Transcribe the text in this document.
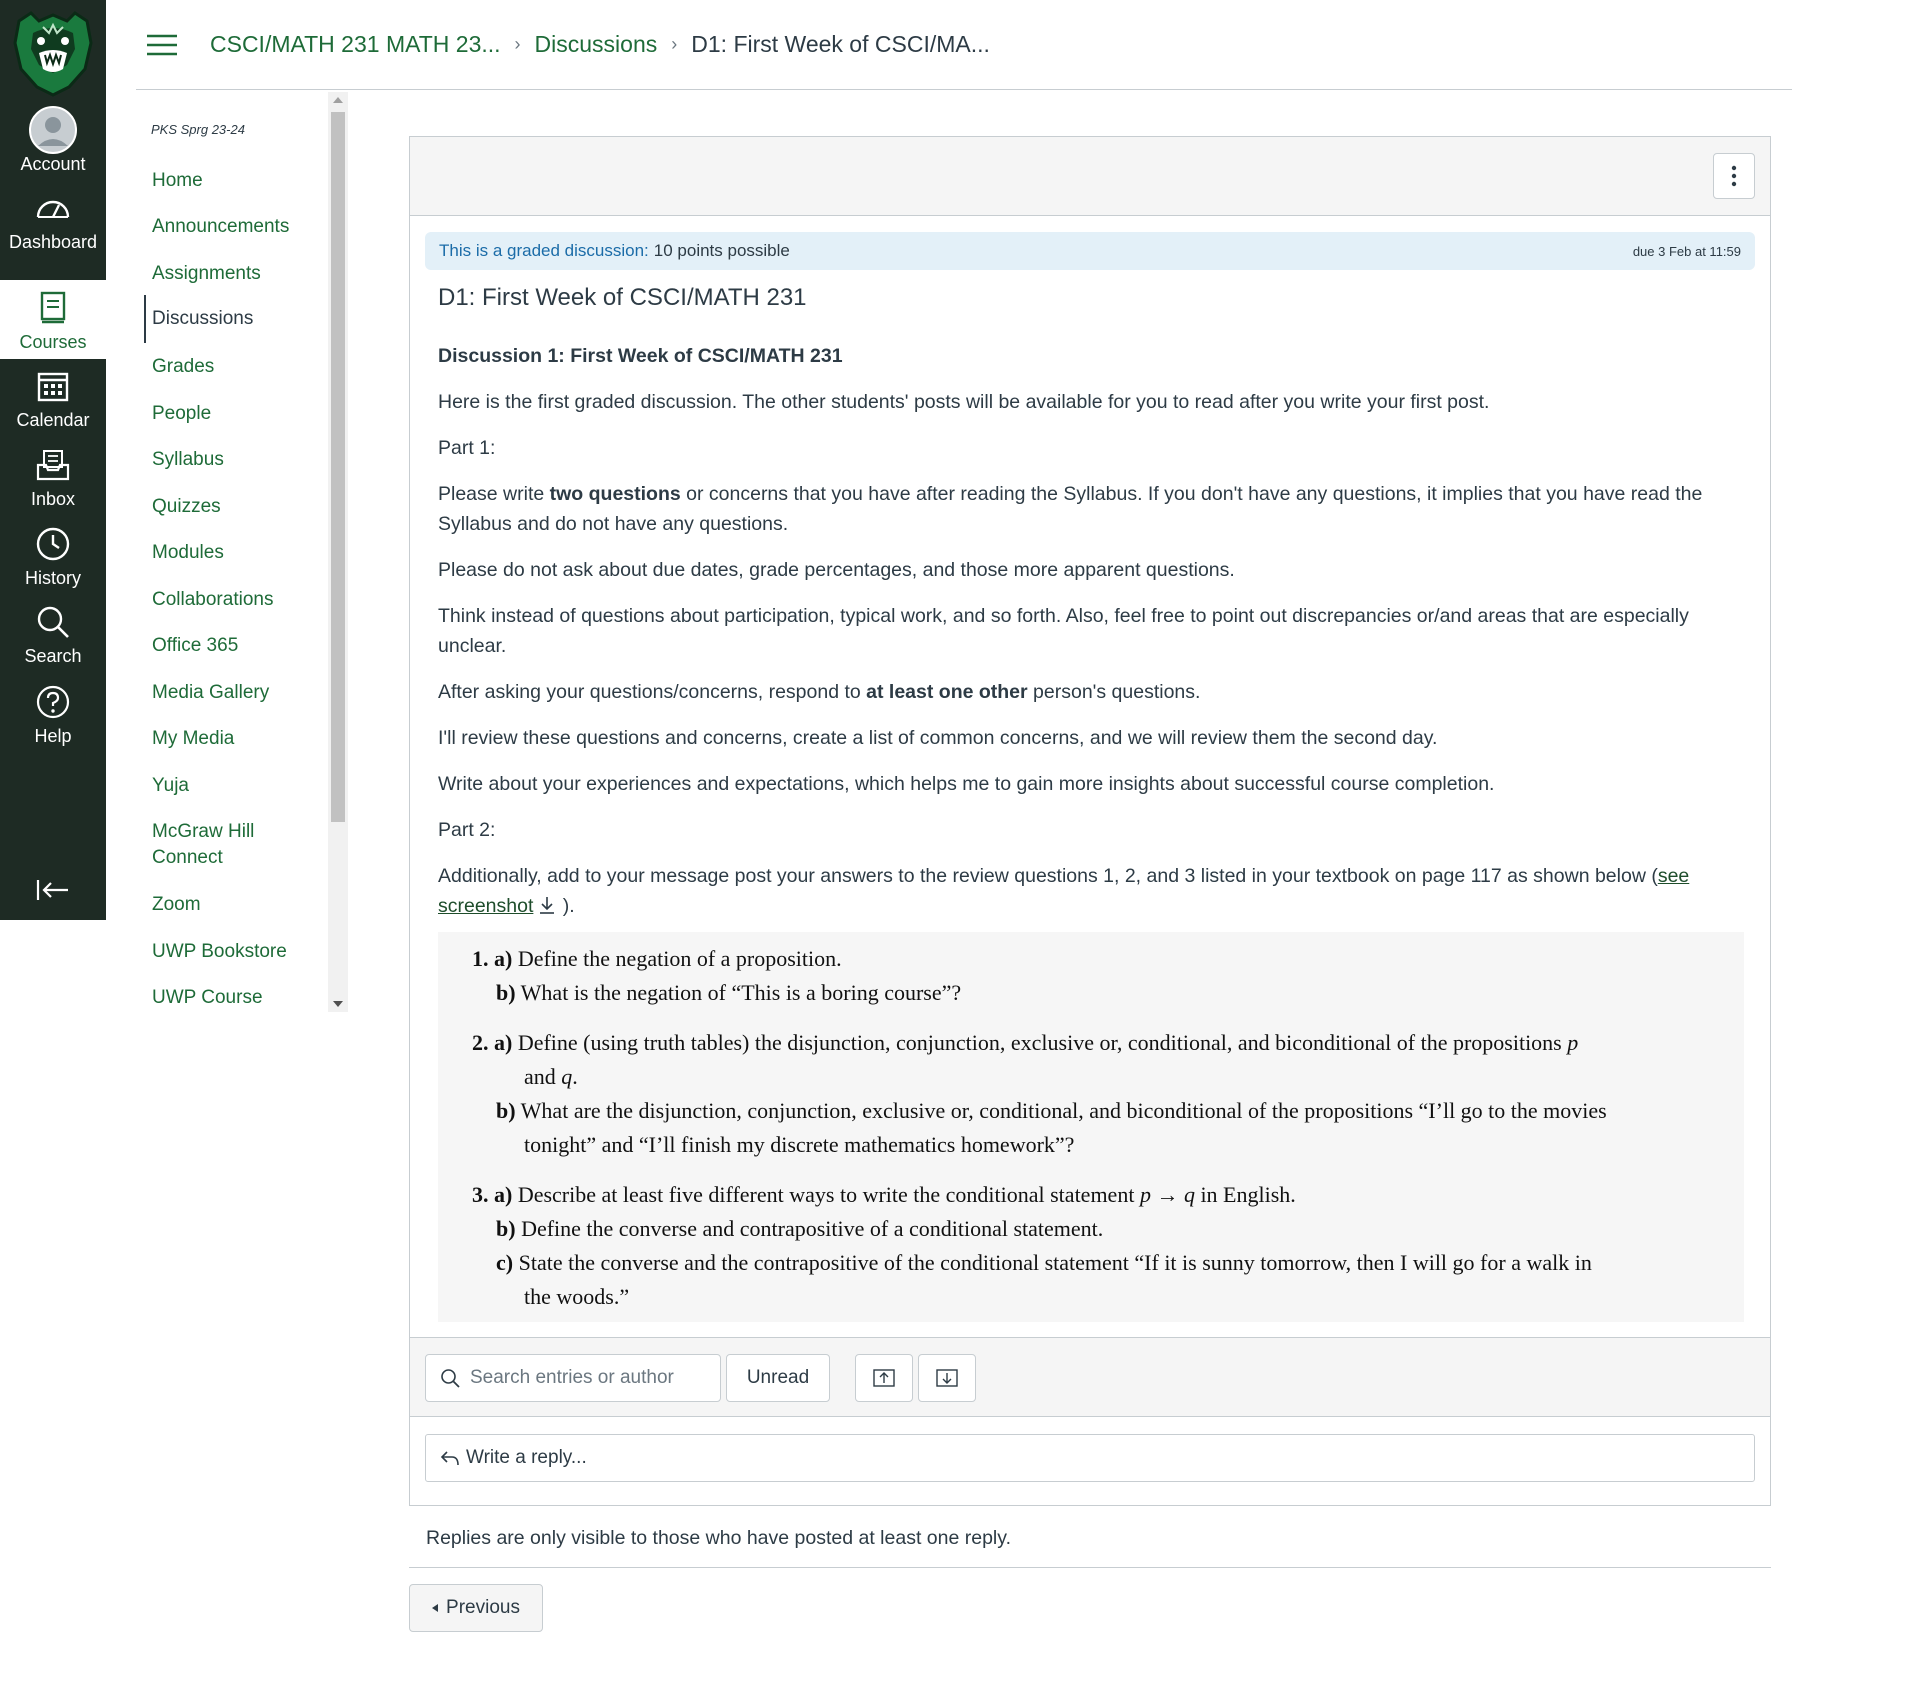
Account
Dashboard
Courses
Calendar
Inbox
History
Search
Help
CSCI/MATH 231 MATH 23... › Discussions › D1: First Week of CSCI/MA...
PKS Sprg 23-24
Home
Announcements
Assignments
Discussions
Grades
People
Syllabus
Quizzes
Modules
Collaborations
Office 365
Media Gallery
My Media
Yuja
McGraw Hill Connect
Zoom
UWP Bookstore
UWP Course
This is a graded discussion: 10 points possible	due 3 Feb at 11:59
D1: First Week of CSCI/MATH 231

Discussion 1: First Week of CSCI/MATH 231

Here is the first graded discussion. The other students' posts will be available for you to read after you write your first post.

Part 1:

Please write two questions or concerns that you have after reading the Syllabus. If you don't have any questions, it implies that you have read the Syllabus and do not have any questions.

Please do not ask about due dates, grade percentages, and those more apparent questions.

Think instead of questions about participation, typical work, and so forth. Also, feel free to point out discrepancies or/and areas that are especially unclear.

After asking your questions/concerns, respond to at least one other person's questions.

I'll review these questions and concerns, create a list of common concerns, and we will review them the second day.

Write about your experiences and expectations, which helps me to gain more insights about successful course completion.

Part 2:

Additionally, add to your message post your answers to the review questions 1, 2, and 3 listed in your textbook on page 117 as shown below (see screenshot ).

1. a) Define the negation of a proposition.
b) What is the negation of “This is a boring course”?
2. a) Define (using truth tables) the disjunction, conjunction, exclusive or, conditional, and biconditional of the propositions p
and q.
b) What are the disjunction, conjunction, exclusive or, conditional, and biconditional of the propositions “I’ll go to the movies
tonight” and “I’ll finish my discrete mathematics homework”?
3. a) Describe at least five different ways to write the conditional statement p → q in English.
b) Define the converse and contrapositive of a conditional statement.
c) State the converse and the contrapositive of the conditional statement “If it is sunny tomorrow, then I will go for a walk in
the woods.”
Search entries or author	Unread
Write a reply...
Replies are only visible to those who have posted at least one reply.
Previous
